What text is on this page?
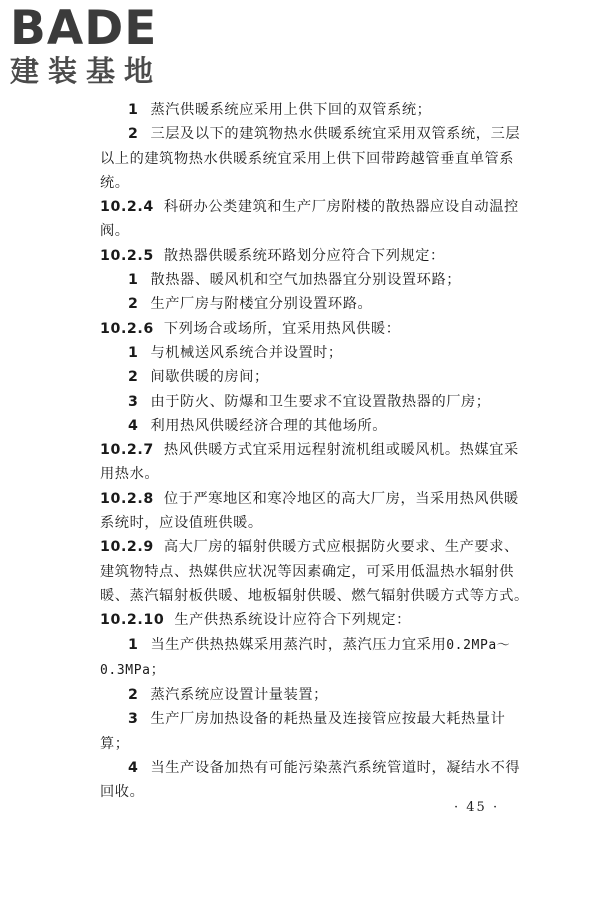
BADE
建装基地

1 蒸汽供暖系统应采用上供下回的双管系统；

2 三层及以下的建筑物热水供暖系统宜采用双管系统，三层以上的建筑物热水供暖系统宜采用上供下回带跨越管垂直单管系统。

10.2.4 科研办公类建筑和生产厂房附楼的散热器应设自动温控阀。

10.2.5 散热器供暖系统环路划分应符合下列规定：

1 散热器、暖风机和空气加热器宜分别设置环路；

2 生产厂房与附楼宜分别设置环路。

10.2.6 下列场合或场所，宜采用热风供暖：

1 与机械送风系统合并设置时；

2 间歇供暖的房间；

3 由于防火、防爆和卫生要求不宜设置散热器的厂房；

4 利用热风供暖经济合理的其他场所。

10.2.7 热风供暖方式宜采用远程射流机组或暖风机。热媒宜采用热水。

10.2.8 位于严寒地区和寒冷地区的高大厂房，当采用热风供暖系统时，应设值班供暖。

10.2.9 高大厂房的辐射供暖方式应根据防火要求、生产要求、建筑物特点、热媒供应状况等因素确定，可采用低温热水辐射供暖、蒸汽辐射板供暖、地板辐射供暖、燃气辐射供暖方式等方式。

10.2.10 生产供热系统设计应符合下列规定：

1 当生产供热热媒采用蒸汽时，蒸汽压力宜采用0.2MPa～0.3MPa；

2 蒸汽系统应设置计量装置；

3 生产厂房加热设备的耗热量及连接管应按最大耗热量计算；

4 当生产设备加热有可能污染蒸汽系统管道时，凝结水不得回收。

· 45 ·
